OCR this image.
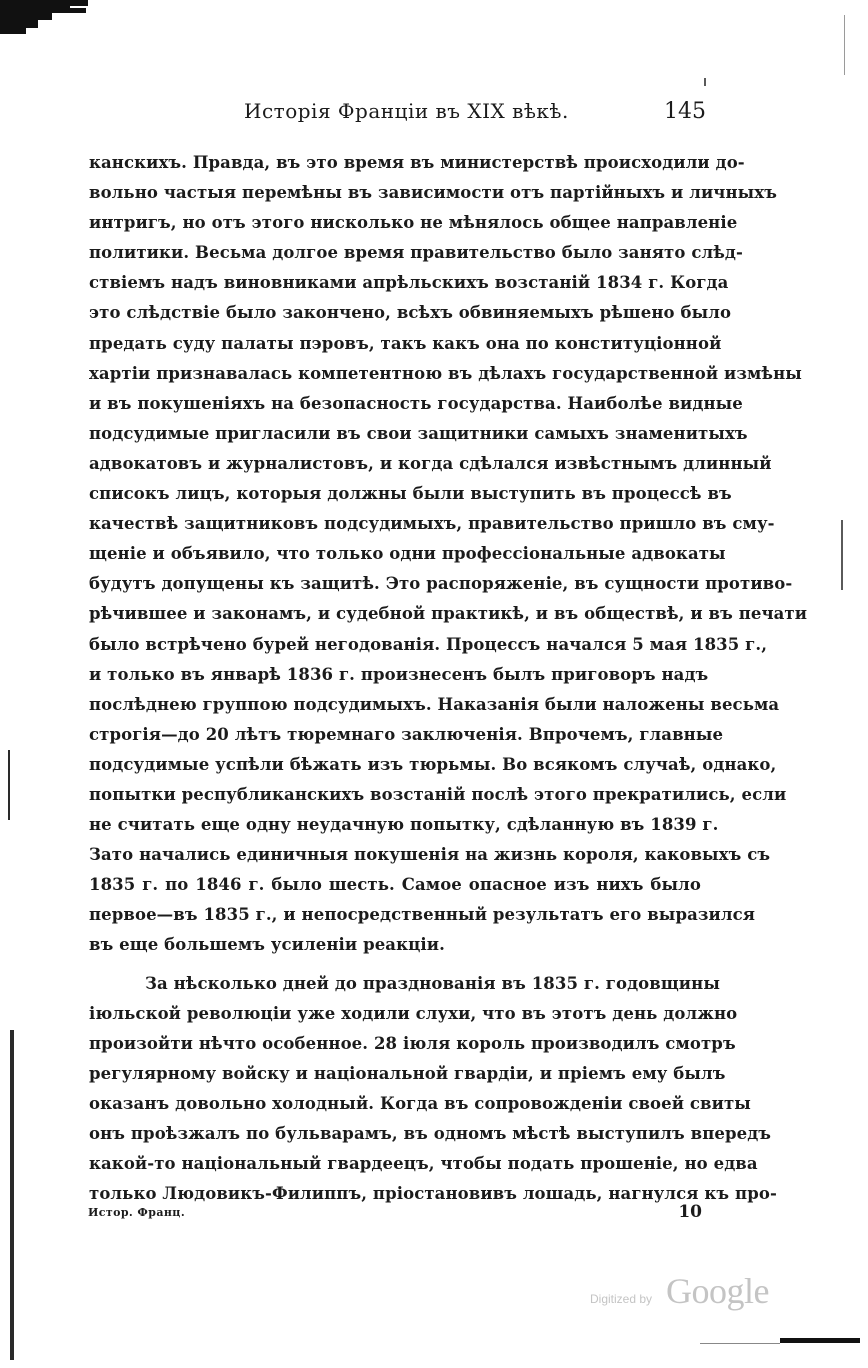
Исторія Франціи въ XIX вѣкѣ.	145
канскихъ. Правда, въ это время въ министерствѣ происходили до-
вольно частыя перемѣны въ зависимости отъ партійныхъ и личныхъ
интригъ, но отъ этого нисколько не мѣнялось общее направленіе
политики. Весьма долгое время правительство было занято слѣд-
ствіемъ надъ виновниками апрѣльскихъ возстаній 1834 г. Когда
это слѣдствіе было закончено, всѣхъ обвиняемыхъ рѣшено было
предать суду палаты пэровъ, такъ какъ она по конституціонной
хартіи признавалась компетентною въ дѣлахъ государственной измѣны
и въ покушеніяхъ на безопасность государства. Наиболѣе видные
подсудимые пригласили въ свои защитники самыхъ знаменитыхъ
адвокатовъ и журналистовъ, и когда сдѣлался извѣстнымъ длинный
списокъ лицъ, которыя должны были выступить въ процессѣ въ
качествѣ защитниковъ подсудимыхъ, правительство пришло въ сму-
щеніе и объявило, что только одни профессіональные адвокаты
будутъ допущены къ защитѣ. Это распоряженіе, въ сущности противо-
рѣчившее и законамъ, и судебной практикѣ, и въ обществѣ, и въ печати
было встрѣчено бурей негодованія. Процессъ начался 5 мая 1835 г.,
и только въ январѣ 1836 г. произнесенъ былъ приговоръ надъ
послѣднею группою подсудимыхъ. Наказанія были наложены весьма
строгія—до 20 лѣтъ тюремнаго заключенія. Впрочемъ, главные
подсудимые успѣли бѣжать изъ тюрьмы. Во всякомъ случаѣ, однако,
попытки республиканскихъ возстаній послѣ этого прекратились, если
не считать еще одну неудачную попытку, сдѣланную въ 1839 г.
Зато начались единичныя покушенія на жизнь короля, каковыхъ съ
1835 г. по 1846 г. было шесть. Самое опасное изъ нихъ было
первое—въ 1835 г., и непосредственный результатъ его выразился
въ еще большемъ усиленіи реакціи.
За нѣсколько дней до празднованія въ 1835 г. годовщины
іюльской революціи уже ходили слухи, что въ этотъ день должно
произойти нѣчто особенное. 28 іюля король производилъ смотръ
регулярному войску и національной гвардіи, и пріемъ ему былъ
оказанъ довольно холодный. Когда въ сопровожденіи своей свиты
онъ проѣзжалъ по бульварамъ, въ одномъ мѣстѣ выступилъ впередъ
какой-то національный гвардеецъ, чтобы подать прошеніе, но едва
только Людовикъ-Филиппъ, пріостановивъ лошадь, нагнулся къ про-
Истор. Франц.	10
Digitized by Google
